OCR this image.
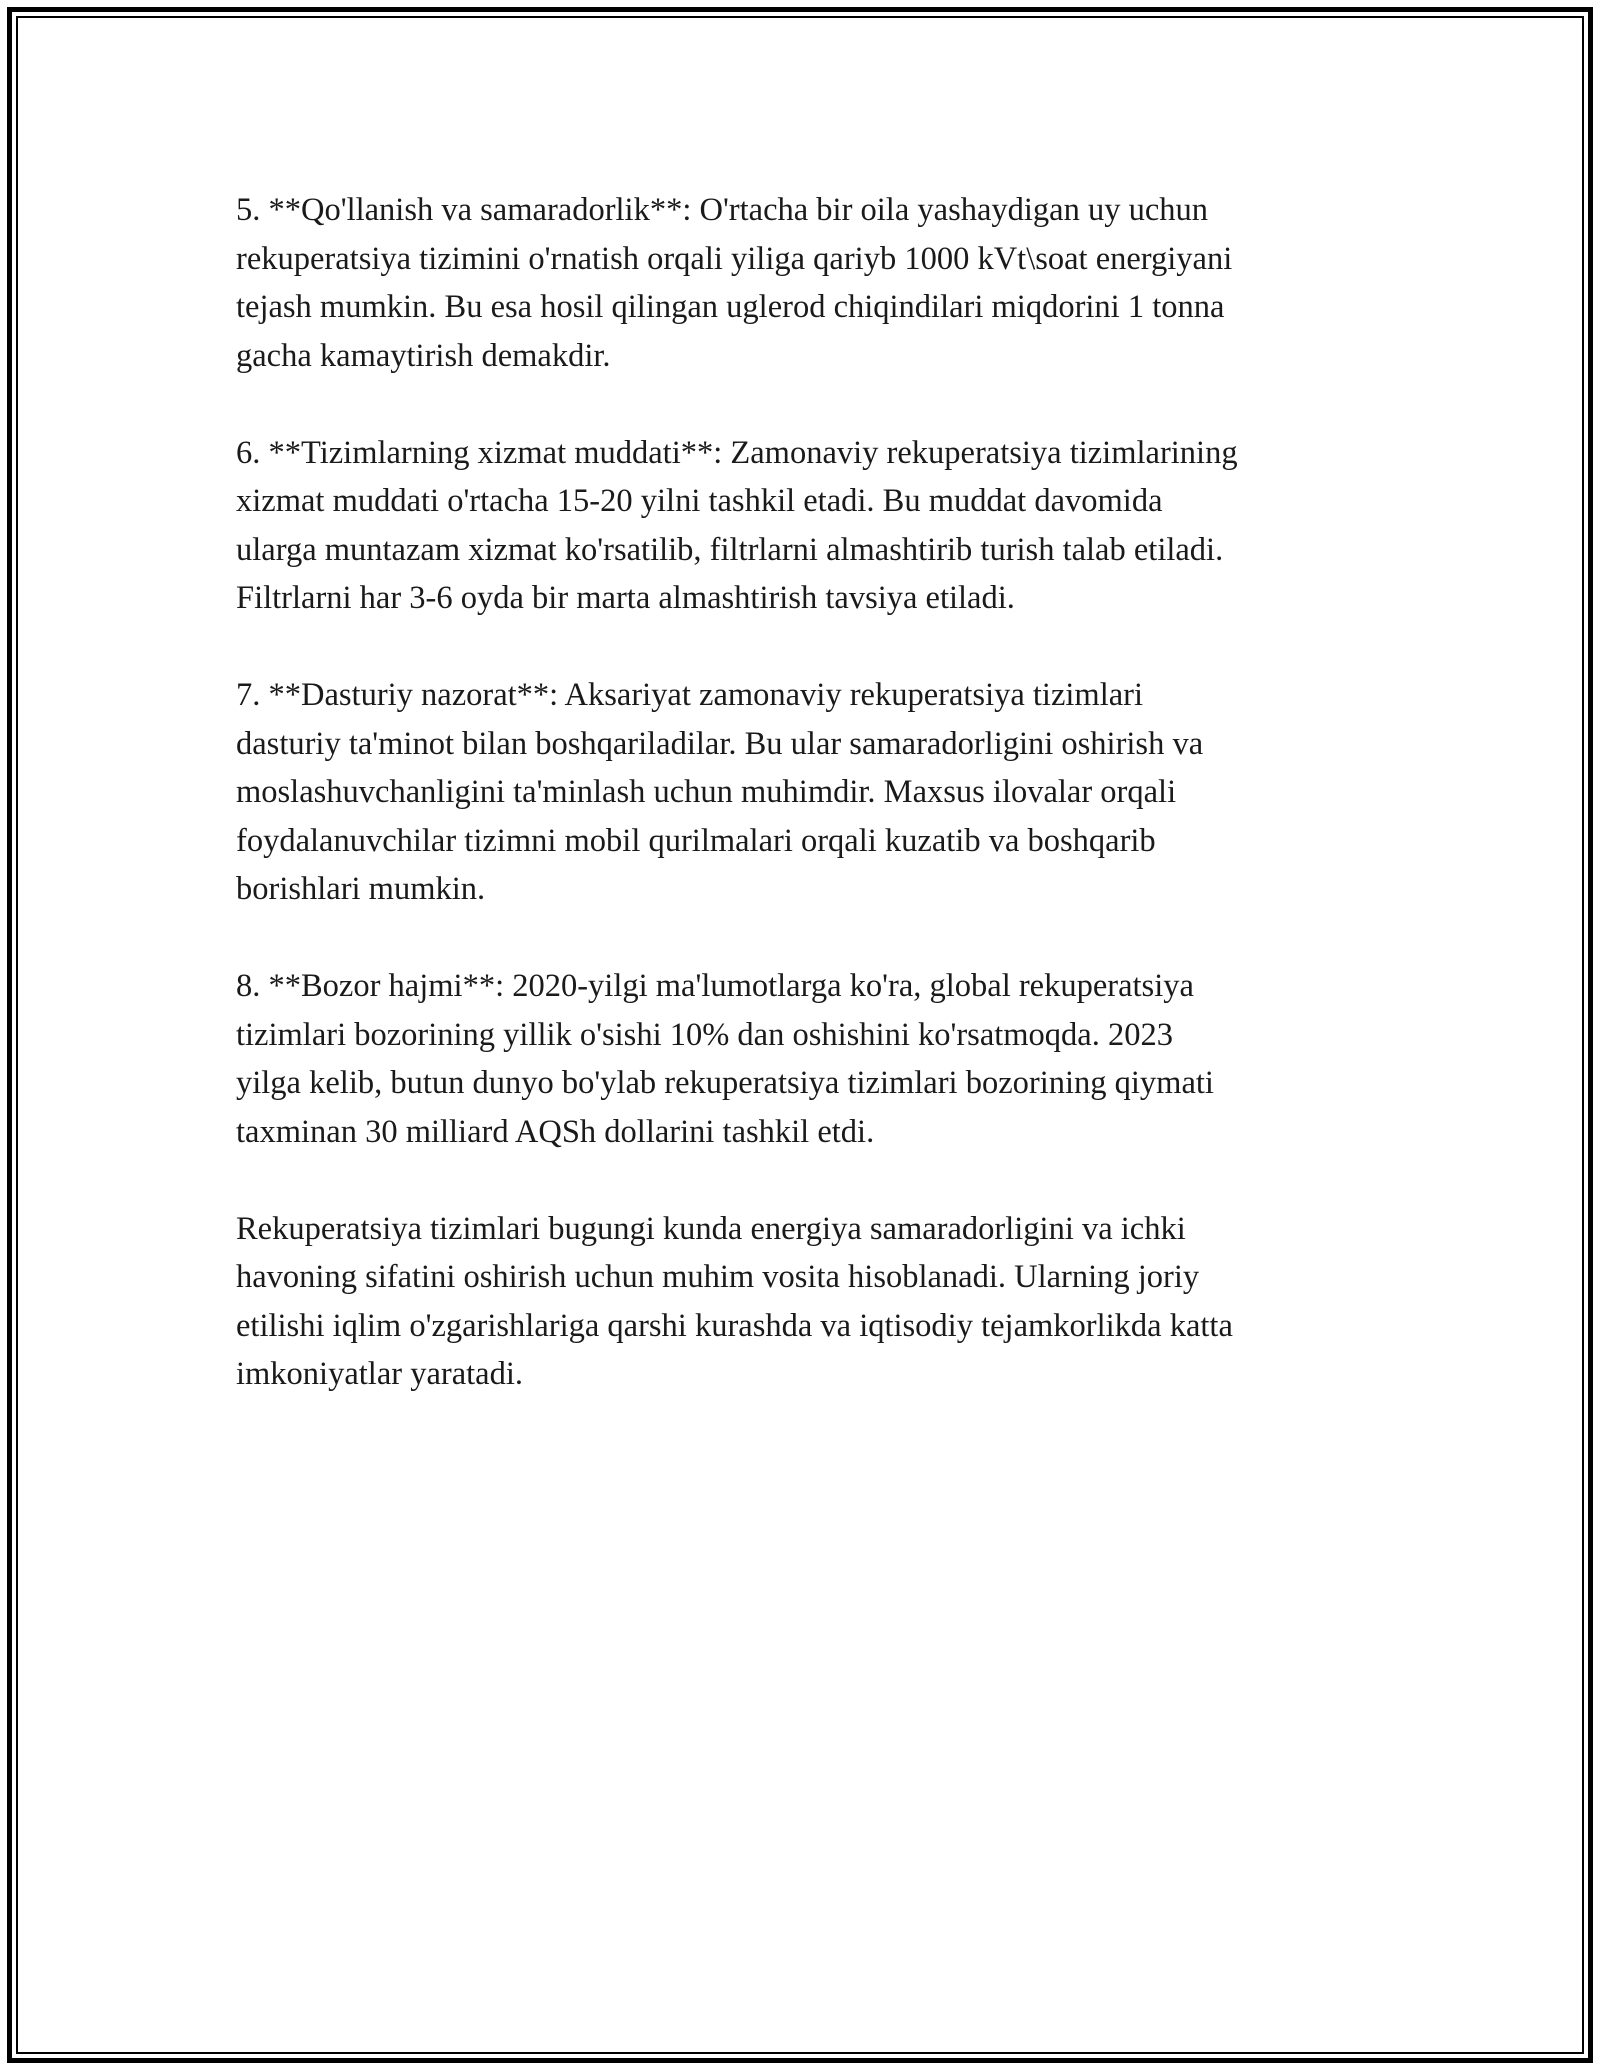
5. **Qo'llanish va samaradorlik**: O'rtacha bir oila yashaydigan uy uchun
rekuperatsiya tizimini o'rnatish orqali yiliga qariyb 1000 kVt\soat energiyani
tejash mumkin. Bu esa hosil qilingan uglerod chiqindilari miqdorini 1 tonna
gacha kamaytirish demakdir.

6. **Tizimlarning xizmat muddati**: Zamonaviy rekuperatsiya tizimlarining
xizmat muddati o'rtacha 15-20 yilni tashkil etadi. Bu muddat davomida
ularga muntazam xizmat ko'rsatilib, filtrlarni almashtirib turish talab etiladi.
Filtrlarni har 3-6 oyda bir marta almashtirish tavsiya etiladi.

7. **Dasturiy nazorat**: Aksariyat zamonaviy rekuperatsiya tizimlari
dasturiy ta'minot bilan boshqariladilar. Bu ular samaradorligini oshirish va
moslashuvchanligini ta'minlash uchun muhimdir. Maxsus ilovalar orqali
foydalanuvchilar tizimni mobil qurilmalari orqali kuzatib va boshqarib
borishlari mumkin.

8. **Bozor hajmi**: 2020-yilgi ma'lumotlarga ko'ra, global rekuperatsiya
tizimlari bozorining yillik o'sishi 10% dan oshishini ko'rsatmoqda. 2023
yilga kelib, butun dunyo bo'ylab rekuperatsiya tizimlari bozorining qiymati
taxminan 30 milliard AQSh dollarini tashkil etdi.

Rekuperatsiya tizimlari bugungi kunda energiya samaradorligini va ichki
havoning sifatini oshirish uchun muhim vosita hisoblanadi. Ularning joriy
etilishi iqlim o'zgarishlariga qarshi kurashda va iqtisodiy tejamkorlikda katta
imkoniyatlar yaratadi.
